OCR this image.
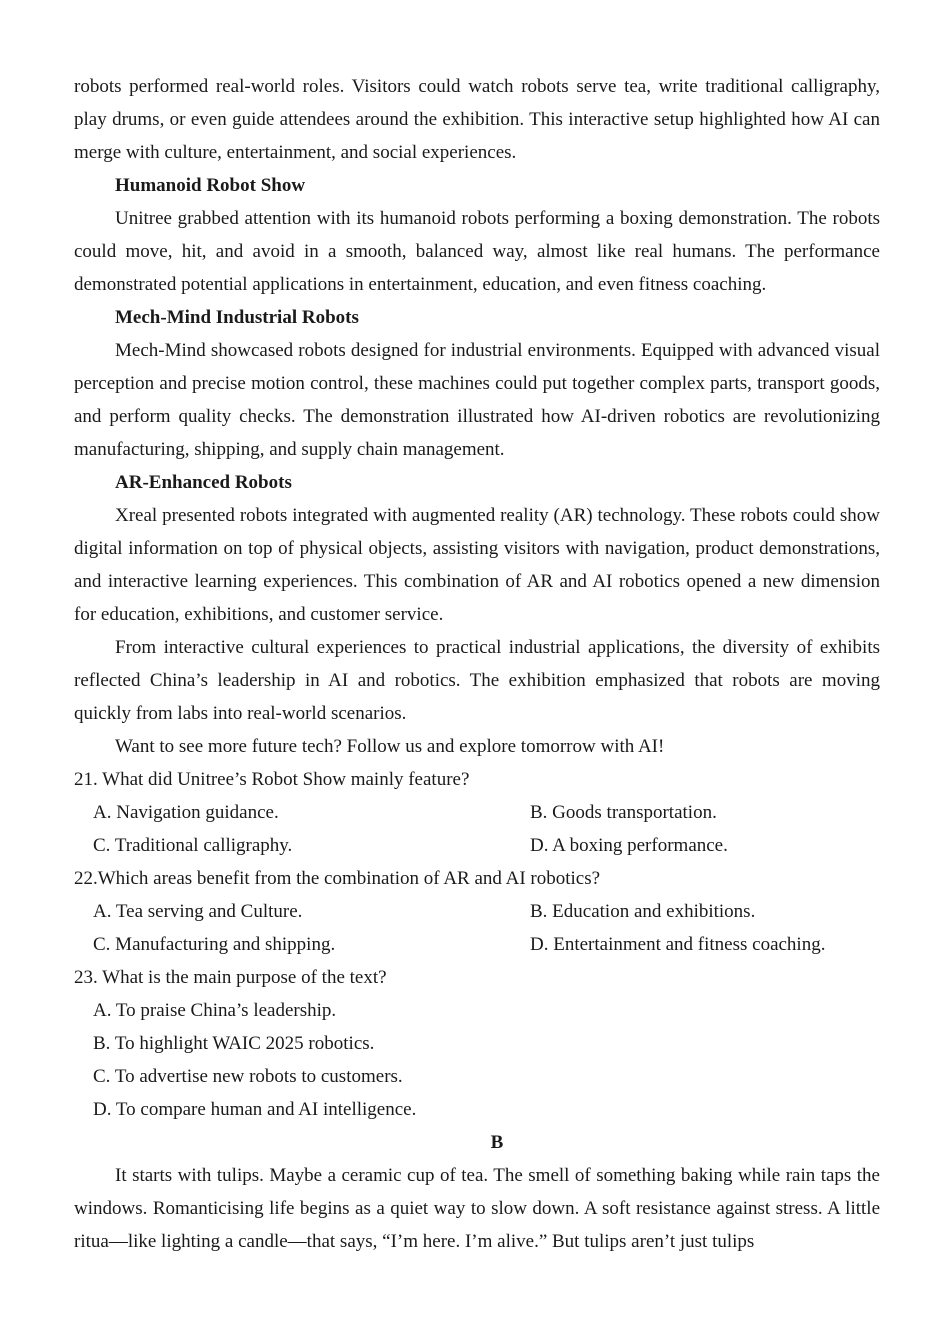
robots performed real-world roles. Visitors could watch robots serve tea, write traditional calligraphy, play drums, or even guide attendees around the exhibition. This interactive setup highlighted how AI can merge with culture, entertainment, and social experiences.

Humanoid Robot Show

Unitree grabbed attention with its humanoid robots performing a boxing demonstration. The robots could move, hit, and avoid in a smooth, balanced way, almost like real humans. The performance demonstrated potential applications in entertainment, education, and even fitness coaching.

Mech-Mind Industrial Robots

Mech-Mind showcased robots designed for industrial environments. Equipped with advanced visual perception and precise motion control, these machines could put together complex parts, transport goods, and perform quality checks. The demonstration illustrated how AI-driven robotics are revolutionizing manufacturing, shipping, and supply chain management.

AR-Enhanced Robots

Xreal presented robots integrated with augmented reality (AR) technology. These robots could show digital information on top of physical objects, assisting visitors with navigation, product demonstrations, and interactive learning experiences. This combination of AR and AI robotics opened a new dimension for education, exhibitions, and customer service.

From interactive cultural experiences to practical industrial applications, the diversity of exhibits reflected China’s leadership in AI and robotics. The exhibition emphasized that robots are moving quickly from labs into real-world scenarios.

Want to see more future tech? Follow us and explore tomorrow with AI!

21. What did Unitree’s Robot Show mainly feature?

A. Navigation guidance.	B. Goods transportation.

C. Traditional calligraphy.	D. A boxing performance.

22.Which areas benefit from the combination of AR and AI robotics?

A. Tea serving and Culture.	B. Education and exhibitions.

C. Manufacturing and shipping.	D. Entertainment and fitness coaching.

23. What is the main purpose of the text?

A. To praise China’s leadership.

B. To highlight WAIC 2025 robotics.

C. To advertise new robots to customers.

D. To compare human and AI intelligence.

B

It starts with tulips. Maybe a ceramic cup of tea. The smell of something baking while rain taps the windows. Romanticising life begins as a quiet way to slow down. A soft resistance against stress. A little ritua—like lighting a candle—that says, “I’m here. I’m alive.” But tulips aren’t just tulips
